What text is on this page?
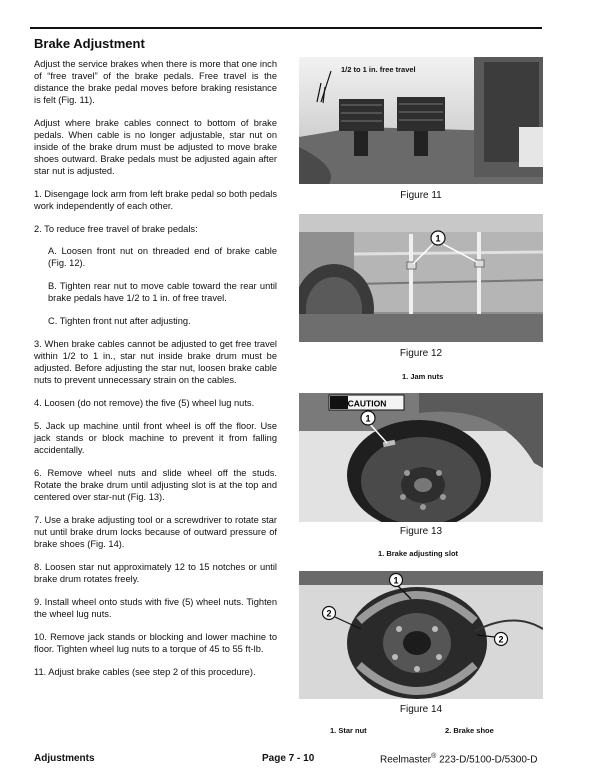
Brake Adjustment

Adjust the service brakes when there is more that one inch of “free travel” of the brake pedals. Free travel is the distance the brake pedal moves before braking resistance is felt (Fig. 11).

Adjust where brake cables connect to bottom of brake pedals. When cable is no longer adjustable, star nut on inside of the brake drum must be adjusted to move brake shoes outward. Brake pedals must be adjusted again after star nut is adjusted.

1. Disengage lock arm from left brake pedal so both pedals work independently of each other.

2. To reduce free travel of brake pedals:

A. Loosen front nut on threaded end of brake cable (Fig. 12).

B. Tighten rear nut to move cable toward the rear until brake pedals have 1/2 to 1 in. of free travel.

C. Tighten front nut after adjusting.

3. When brake cables cannot be adjusted to get free travel within 1/2 to 1 in., star nut inside brake drum must be adjusted. Before adjusting the star nut, loosen brake cable nuts to prevent unnecessary strain on the cables.

4. Loosen (do not remove) the five (5) wheel lug nuts.

5. Jack up machine until front wheel is off the floor. Use jack stands or block machine to prevent it from falling accidentally.

6. Remove wheel nuts and slide wheel off the studs. Rotate the brake drum until adjusting slot is at the top and centered over star-nut (Fig. 13).

7. Use a brake adjusting tool or a screwdriver to rotate star nut until brake drum locks because of outward pressure of brake shoes (Fig. 14).

8. Loosen star nut approximately 12 to 15 notches or until brake drum rotates freely.

9. Install wheel onto studs with five (5) wheel nuts. Tighten the wheel lug nuts.

10. Remove jack stands or blocking and lower machine to floor. Tighten wheel lug nuts to a torque of 45 to 55 ft-lb.

11. Adjust brake cables (see step 2 of this procedure).

1/2 to 1 in. free travel
Figure 11
1
Figure 12
1. Jam nuts
CAUTION
1
Figure 13
1. Brake adjusting slot
1
2
2
Figure 14
1. Star nut	2. Brake shoe
Adjustments	Page 7 - 10	Reelmaster® 223-D/5100-D/5300-D
